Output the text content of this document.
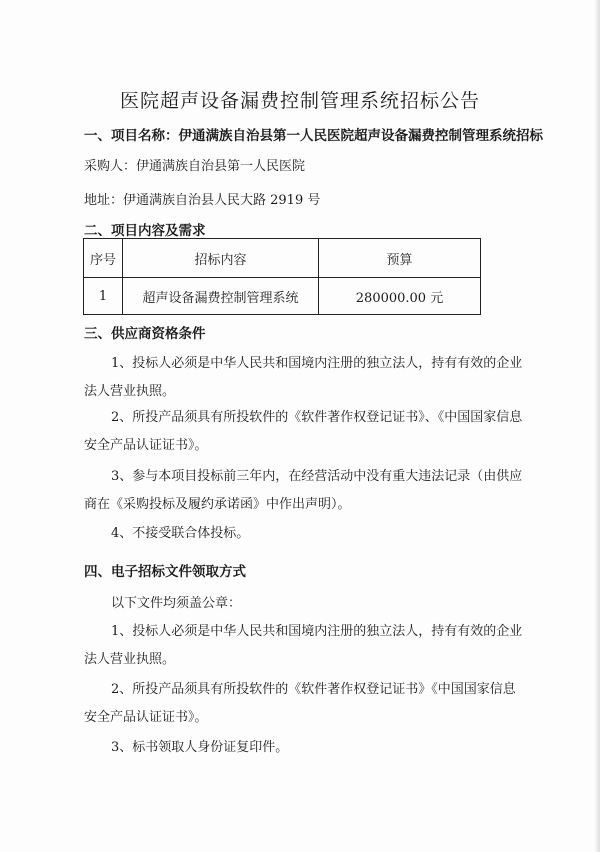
医院超声设备漏费控制管理系统招标公告
一、项目名称：伊通满族自治县第一人民医院超声设备漏费控制管理系统招标
采购人：伊通满族自治县第一人民医院
地址：伊通满族自治县人民大路 2919 号
二、项目内容及需求
序号	招标内容	预算
1	超声设备漏费控制管理系统	280000.00 元
三、供应商资格条件
1、投标人必须是中华人民共和国境内注册的独立法人，持有有效的企业法人营业执照。
2、所投产品须具有所投软件的《软件著作权登记证书》、《中国国家信息安全产品认证证书》。
3、参与本项目投标前三年内，在经营活动中没有重大违法记录（由供应商在《采购投标及履约承诺函》中作出声明）。
4、不接受联合体投标。
四、电子招标文件领取方式
以下文件均须盖公章：
1、投标人必须是中华人民共和国境内注册的独立法人，持有有效的企业法人营业执照。
2、所投产品须具有所投软件的《软件著作权登记证书》《中国国家信息安全产品认证证书》。
3、标书领取人身份证复印件。
